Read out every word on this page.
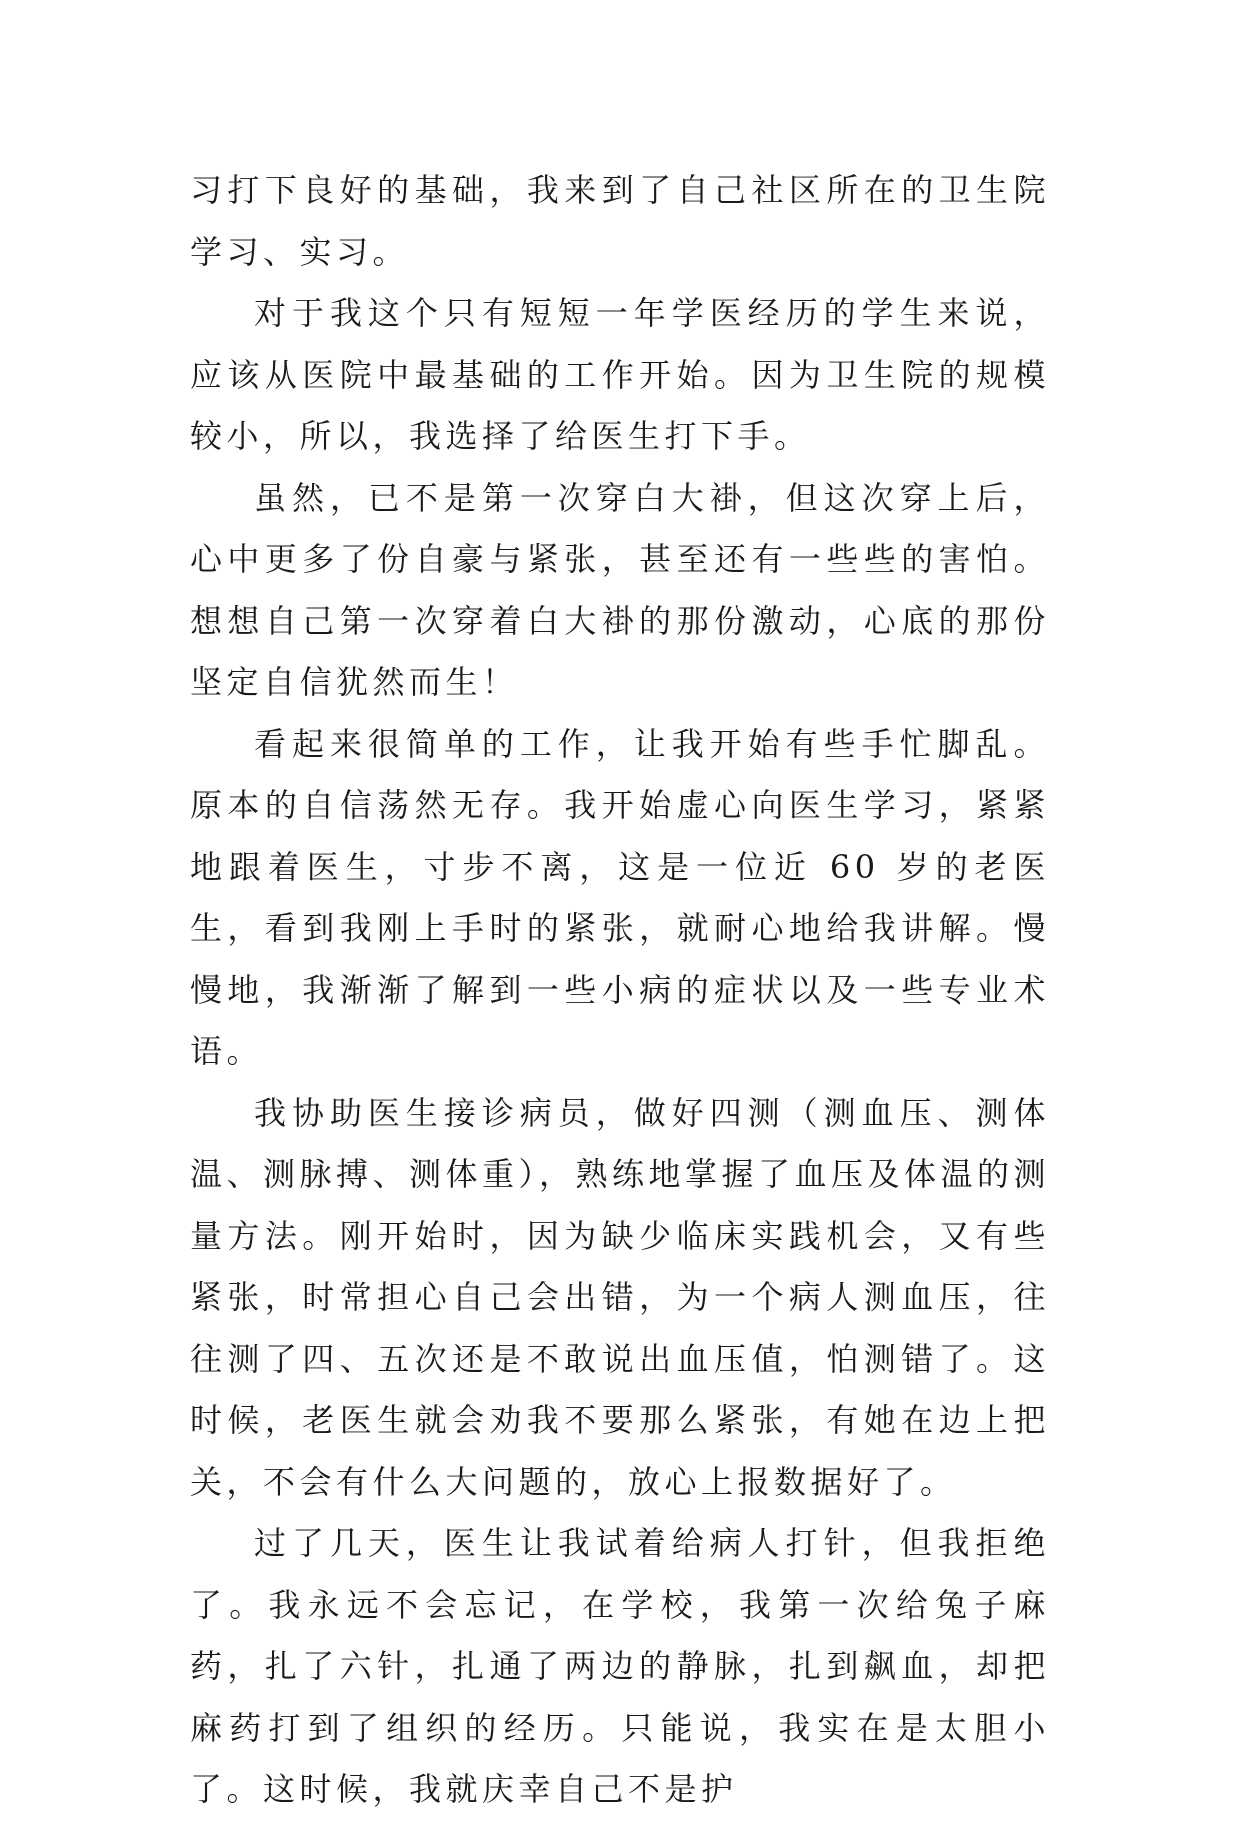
习打下良好的基础，我来到了自己社区所在的卫生院学习、实习。

对于我这个只有短短一年学医经历的学生来说，应该从医院中最基础的工作开始。因为卫生院的规模较小，所以，我选择了给医生打下手。

虽然，已不是第一次穿白大褂，但这次穿上后，心中更多了份自豪与紧张，甚至还有一些些的害怕。想想自己第一次穿着白大褂的那份激动，心底的那份坚定自信犹然而生！

看起来很简单的工作，让我开始有些手忙脚乱。原本的自信荡然无存。我开始虚心向医生学习，紧紧地跟着医生，寸步不离，这是一位近 60 岁的老医生，看到我刚上手时的紧张，就耐心地给我讲解。慢慢地，我渐渐了解到一些小病的症状以及一些专业术语。

我协助医生接诊病员，做好四测（测血压、测体温、测脉搏、测体重），熟练地掌握了血压及体温的测量方法。刚开始时，因为缺少临床实践机会，又有些紧张，时常担心自己会出错，为一个病人测血压，往往测了四、五次还是不敢说出血压值，怕测错了。这时候，老医生就会劝我不要那么紧张，有她在边上把关，不会有什么大问题的，放心上报数据好了。

过了几天，医生让我试着给病人打针，但我拒绝了。我永远不会忘记，在学校，我第一次给兔子麻药，扎了六针，扎通了两边的静脉，扎到飙血，却把麻药打到了组织的经历。只能说，我实在是太胆小了。这时候，我就庆幸自己不是护
